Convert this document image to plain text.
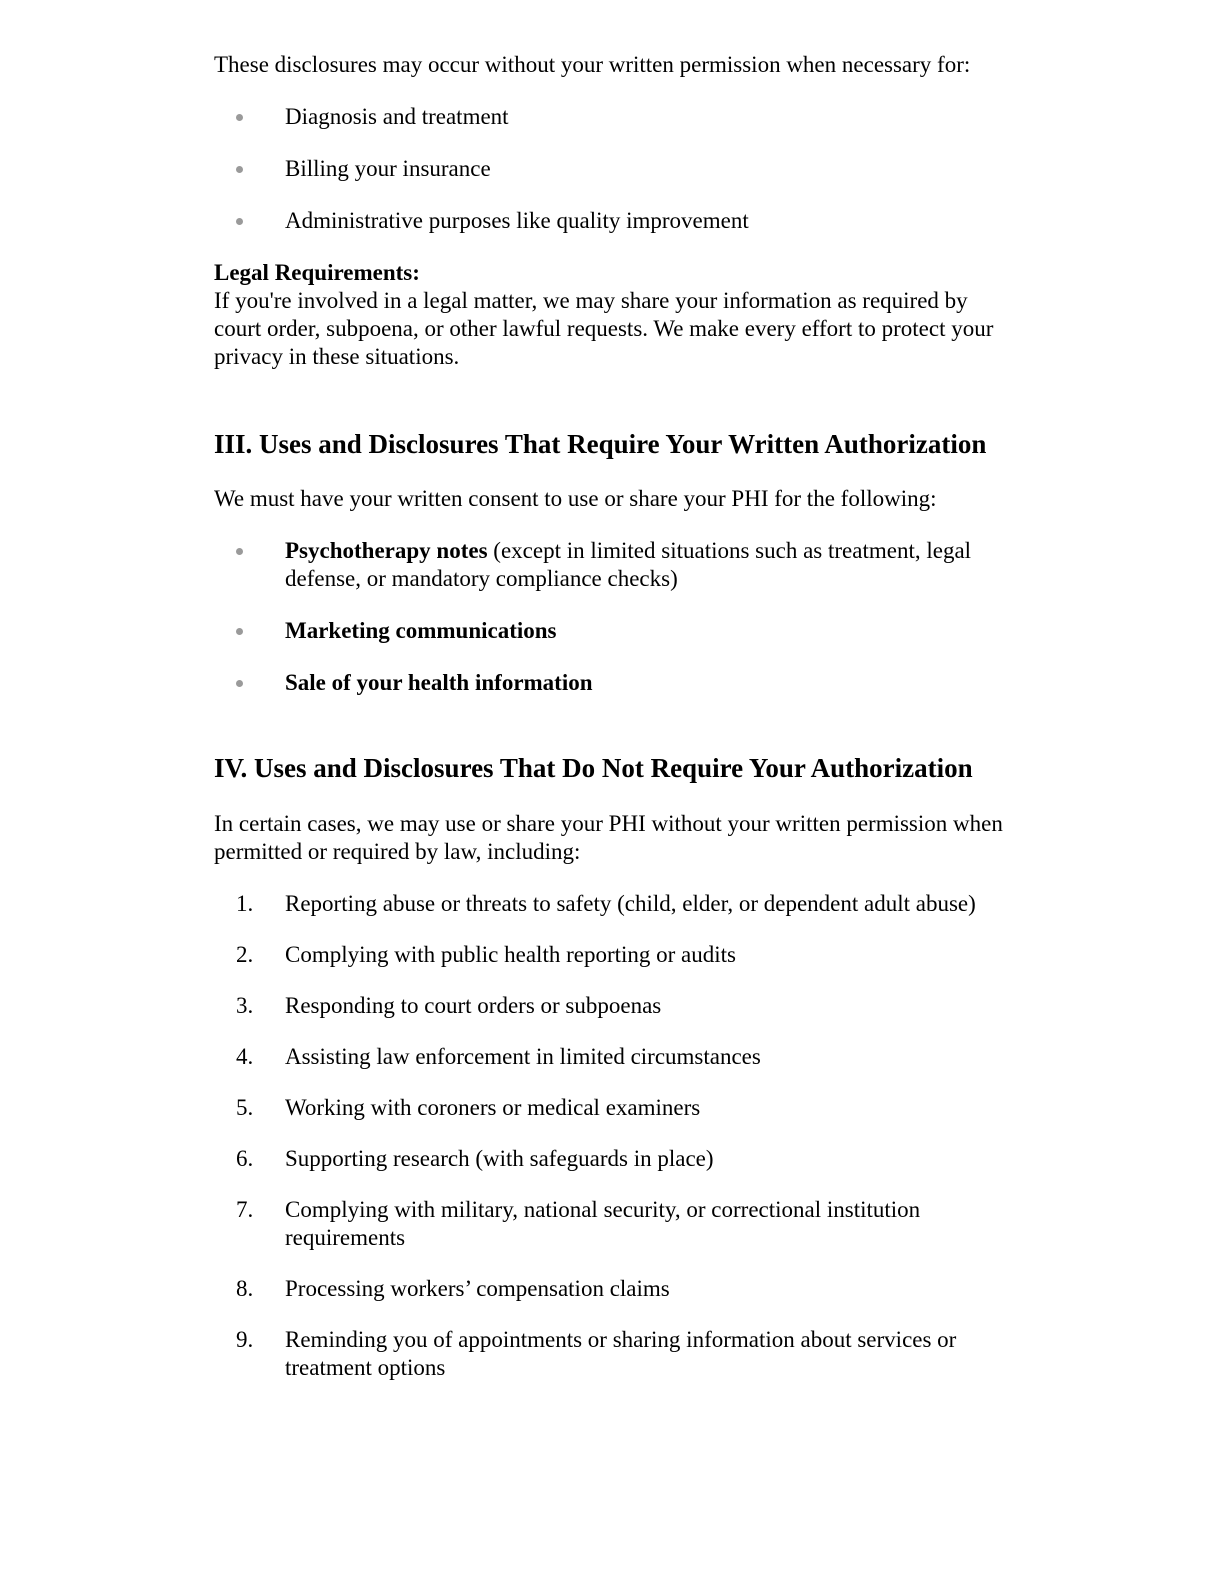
These disclosures may occur without your written permission when necessary for:

Diagnosis and treatment
Billing your insurance
Administrative purposes like quality improvement

Legal Requirements:
If you're involved in a legal matter, we may share your information as required by court order, subpoena, or other lawful requests. We make every effort to protect your privacy in these situations.

III. Uses and Disclosures That Require Your Written Authorization

We must have your written consent to use or share your PHI for the following:

Psychotherapy notes (except in limited situations such as treatment, legal defense, or mandatory compliance checks)
Marketing communications
Sale of your health information
IV. Uses and Disclosures That Do Not Require Your Authorization

In certain cases, we may use or share your PHI without your written permission when permitted or required by law, including:

1. Reporting abuse or threats to safety (child, elder, or dependent adult abuse)
2. Complying with public health reporting or audits
3. Responding to court orders or subpoenas
4. Assisting law enforcement in limited circumstances
5. Working with coroners or medical examiners
6. Supporting research (with safeguards in place)
7. Complying with military, national security, or correctional institution requirements
8. Processing workers’ compensation claims
9. Reminding you of appointments or sharing information about services or treatment options
